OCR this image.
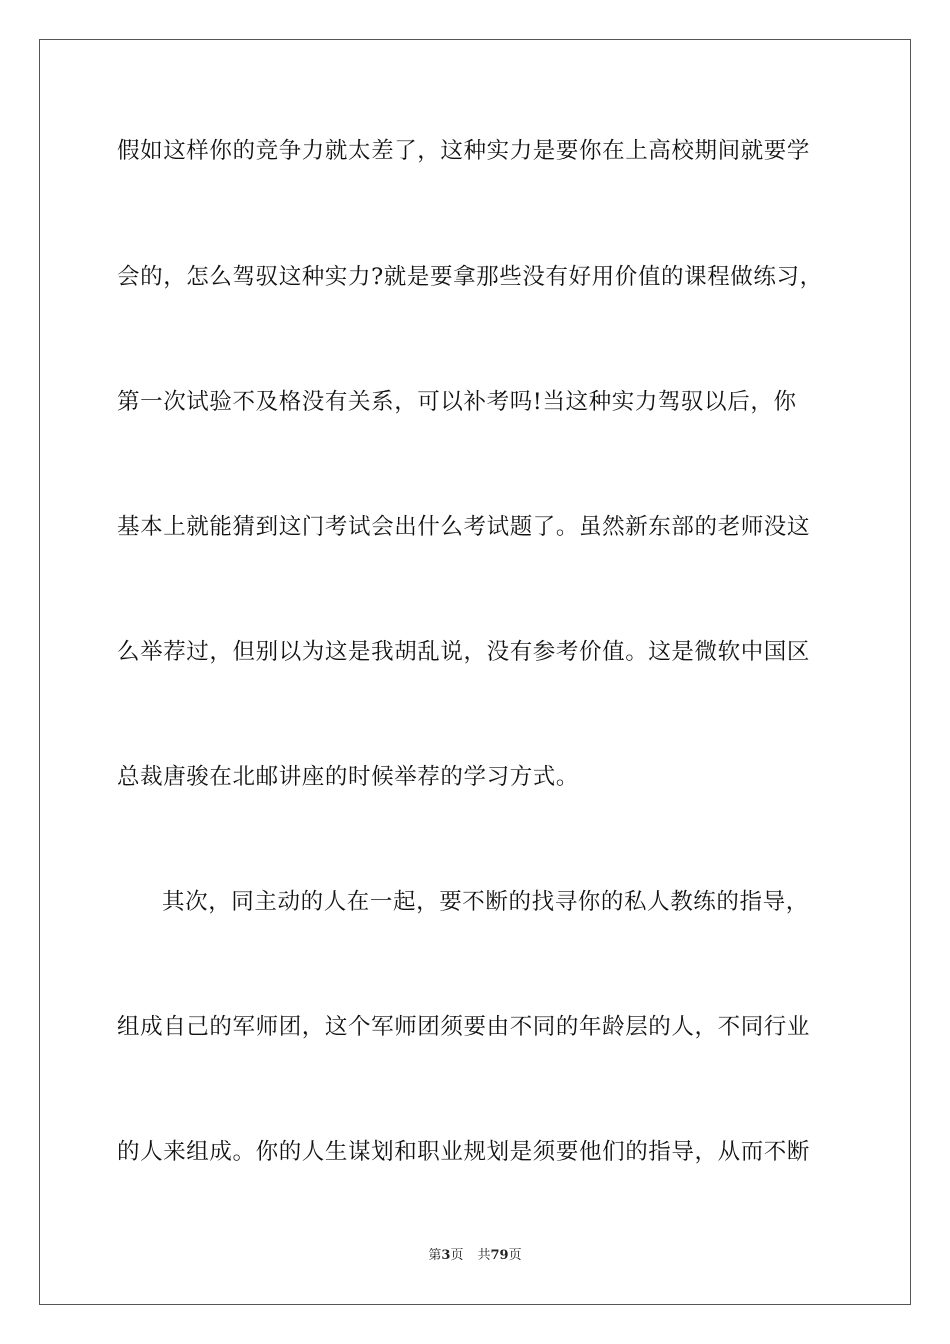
假如这样你的竞争力就太差了，这种实力是要你在上高校期间就要学
会的，怎么驾驭这种实力?就是要拿那些没有好用价值的课程做练习，
第一次试验不及格没有关系，可以补考吗!当这种实力驾驭以后，你
基本上就能猜到这门考试会出什么考试题了。虽然新东部的老师没这
么举荐过，但别以为这是我胡乱说，没有参考价值。这是微软中国区
总裁唐骏在北邮讲座的时候举荐的学习方式。
其次，同主动的人在一起，要不断的找寻你的私人教练的指导，
组成自己的军师团，这个军师团须要由不同的年龄层的人，不同行业
的人来组成。你的人生谋划和职业规划是须要他们的指导，从而不断
第3页 共79页
